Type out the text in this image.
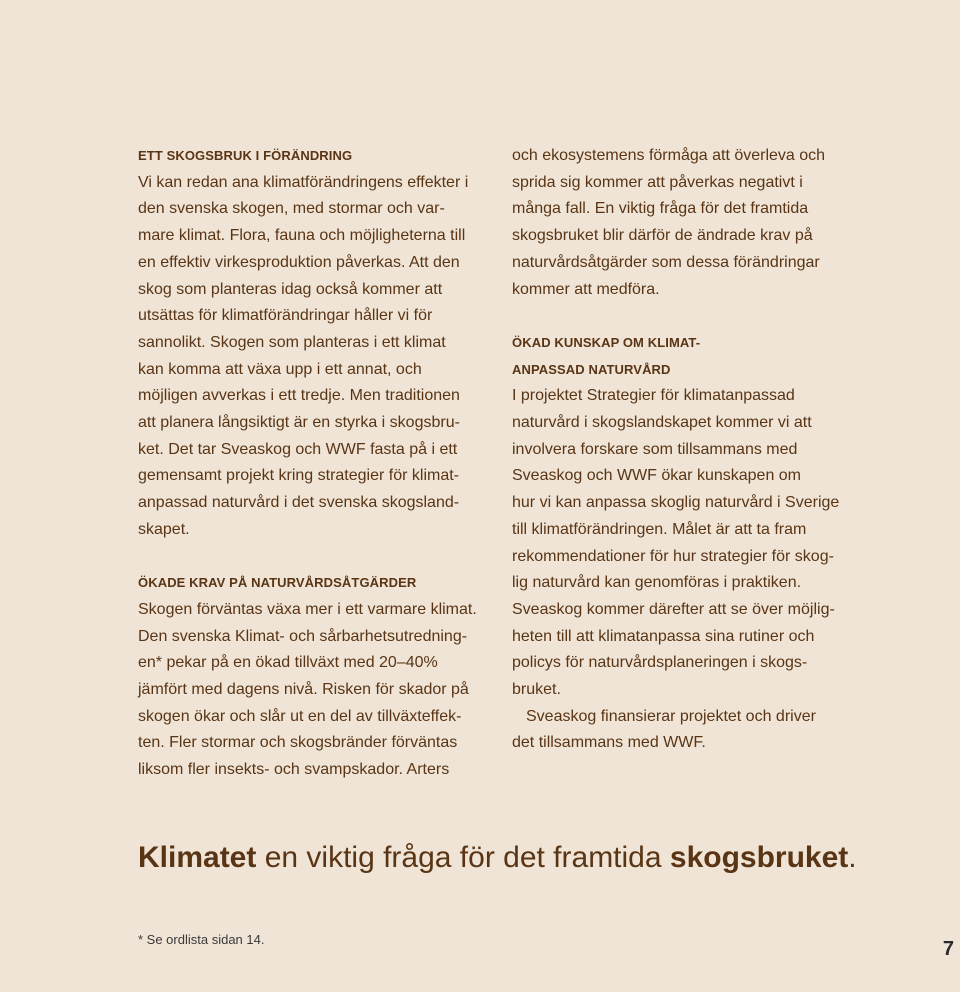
ETT SKOGSBRUK I FÖRÄNDRING
Vi kan redan ana klimatförändringens effekter i
den svenska skogen, med stormar och var-
mare klimat. Flora, fauna och möjligheterna till
en effektiv virkesproduktion påverkas. Att den
skog som planteras idag också kommer att
utsättas för klimatförändringar håller vi för
sannolikt. Skogen som planteras i ett klimat
kan komma att växa upp i ett annat, och
möjligen avverkas i ett tredje. Men traditionen
att planera långsiktigt är en styrka i skogsbru-
ket. Det tar Sveaskog och WWF fasta på i ett
gemensamt projekt kring strategier för klimat-
anpassad naturvård i det svenska skogsland-
skapet.
ÖKADE KRAV PÅ NATURVÅRDSÅTGÄRDER
Skogen förväntas växa mer i ett varmare klimat.
Den svenska Klimat- och sårbarhetsutredning-
en* pekar på en ökad tillväxt med 20–40%
jämfört med dagens nivå. Risken för skador på
skogen ökar och slår ut en del av tillväxteffek-
ten. Fler stormar och skogsbränder förväntas
liksom fler insekts- och svampskador. Arters
och ekosystemens förmåga att överleva och
sprida sig kommer att påverkas negativt i
många fall. En viktig fråga för det framtida
skogsbruket blir därför de ändrade krav på
naturvårdsåtgärder som dessa förändringar
kommer att medföra.
ÖKAD KUNSKAP OM KLIMAT-
ANPASSAD NATURVÅRD
I projektet Strategier för klimatanpassad
naturvård i skogslandskapet kommer vi att
involvera forskare som tillsammans med
Sveaskog och WWF ökar kunskapen om
hur vi kan anpassa skoglig naturvård i Sverige
till klimatförändringen. Målet är att ta fram
rekommendationer för hur strategier för skog-
lig naturvård kan genomföras i praktiken.
Sveaskog kommer därefter att se över möjlig-
heten till att klimatanpassa sina rutiner och
policys för naturvårdsplaneringen i skogs-
bruket.
Sveaskog finansierar projektet och driver
det tillsammans med WWF.
Klimatet en viktig fråga för det framtida skogsbruket.
* Se ordlista sidan 14.	7
